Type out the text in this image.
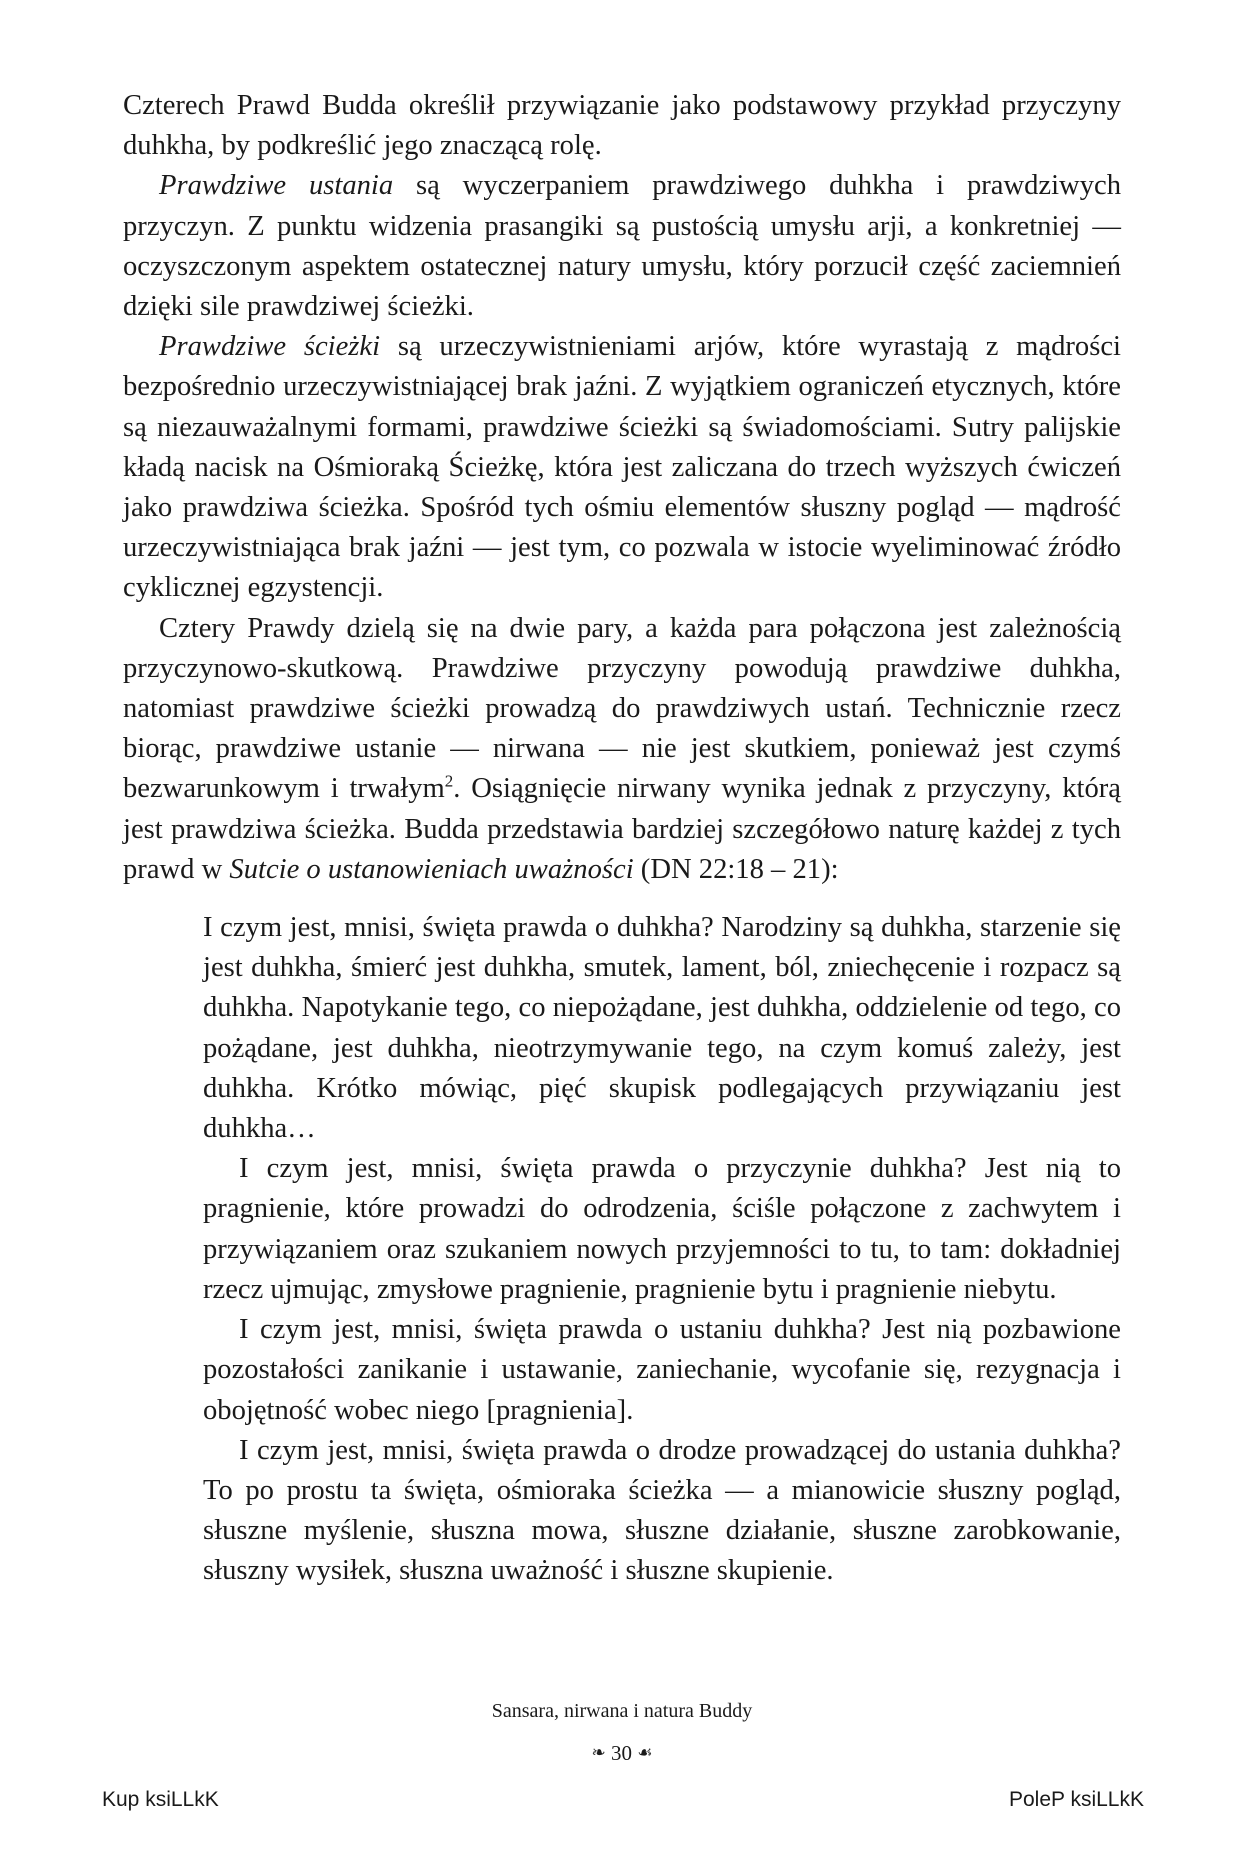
Czterech Prawd Budda określił przywiązanie jako podstawowy przykład przyczyny duhkha, by podkreślić jego znaczącą rolę.

Prawdziwe ustania są wyczerpaniem prawdziwego duhkha i prawdziwych przyczyn. Z punktu widzenia prasangiki są pustością umysłu arji, a konkretniej — oczyszczonym aspektem ostatecznej natury umysłu, który porzucił część zaciemnień dzięki sile prawdziwej ścieżki.

Prawdziwe ścieżki są urzeczywistnieniami arjów, które wyrastają z mądrości bezpośrednio urzeczywistniającej brak jaźni. Z wyjątkiem ograniczeń etycznych, które są niezauważalnymi formami, prawdziwe ścieżki są świadomościami. Sutry palijskie kładą nacisk na Ośmioraką Ścieżkę, która jest zaliczana do trzech wyższych ćwiczeń jako prawdziwa ścieżka. Spośród tych ośmiu elementów słuszny pogląd — mądrość urzeczywistniająca brak jaźni — jest tym, co pozwala w istocie wyeliminować źródło cyklicznej egzystencji.

Cztery Prawdy dzielą się na dwie pary, a każda para połączona jest zależnością przyczynowo-skutkową. Prawdziwe przyczyny powodują prawdziwe duhkha, natomiast prawdziwe ścieżki prowadzą do prawdziwych ustań. Technicznie rzecz biorąc, prawdziwe ustanie — nirwana — nie jest skutkiem, ponieważ jest czymś bezwarunkowym i trwałym$^2$. Osiągnięcie nirwany wynika jednak z przyczyny, którą jest prawdziwa ścieżka. Budda przedstawia bardziej szczegółowo naturę każdej z tych prawd w Sutcie o ustanowieniach uważności (DN 22:18 – 21):

I czym jest, mnisi, święta prawda o duhkha? Narodziny są duhkha, starzenie się jest duhkha, śmierć jest duhkha, smutek, lament, ból, zniechęcenie i rozpacz są duhkha. Napotykanie tego, co niepożądane, jest duhkha, oddzielenie od tego, co pożądane, jest duhkha, nieotrzymywanie tego, na czym komuś zależy, jest duhkha. Krótko mówiąc, pięć skupisk podlegających przywiązaniu jest duhkha…

I czym jest, mnisi, święta prawda o przyczynie duhkha? Jest nią to pragnienie, które prowadzi do odrodzenia, ściśle połączone z zachwytem i przywiązaniem oraz szukaniem nowych przyjemności to tu, to tam: dokładniej rzecz ujmując, zmysłowe pragnienie, pragnienie bytu i pragnienie niebytu.

I czym jest, mnisi, święta prawda o ustaniu duhkha? Jest nią pozbawione pozostałości zanikanie i ustawanie, zaniechanie, wycofanie się, rezygnacja i obojętność wobec niego [pragnienia].

I czym jest, mnisi, święta prawda o drodze prowadzącej do ustania duhkha? To po prostu ta święta, ośmioraka ścieżka — a mianowicie słuszny pogląd, słuszne myślenie, słuszna mowa, słuszne działanie, słuszne zarobkowanie, słuszny wysiłek, słuszna uważność i słuszne skupienie.

Sansara, nirwana i natura Buddy
❧ 30 ☙
Kup ksiLLkK	PoleP ksiLLkK
